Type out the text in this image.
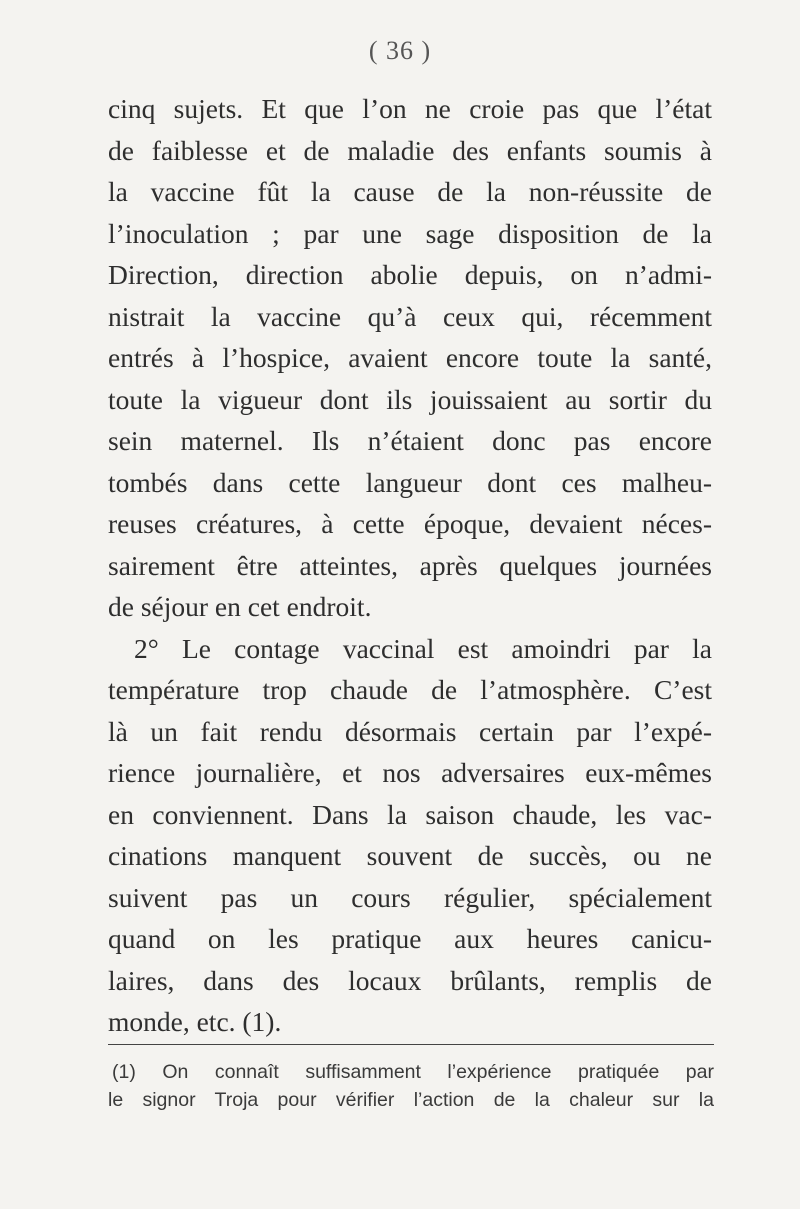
( 36 )
cinq sujets. Et que l’on ne croie pas que l’état
de faiblesse et de maladie des enfants soumis à
la vaccine fût la cause de la non-réussite de
l’inoculation ; par une sage disposition de la
Direction, direction abolie depuis, on n’admi-
nistrait la vaccine qu’à ceux qui, récemment
entrés à l’hospice, avaient encore toute la santé,
toute la vigueur dont ils jouissaient au sortir du
sein maternel. Ils n’étaient donc pas encore
tombés dans cette langueur dont ces malheu-
reuses créatures, à cette époque, devaient néces-
sairement être atteintes, après quelques journées
de séjour en cet endroit.
2° Le contage vaccinal est amoindri par la
température trop chaude de l’atmosphère. C’est
là un fait rendu désormais certain par l’expé-
rience journalière, et nos adversaires eux-mêmes
en conviennent. Dans la saison chaude, les vac-
cinations manquent souvent de succès, ou ne
suivent pas un cours régulier, spécialement
quand on les pratique aux heures canicu-
laires, dans des locaux brûlants, remplis de
monde, etc. (1).
(1) On connaît suffisamment l’expérience pratiquée par
le signor Troja pour vérifier l’action de la chaleur sur la
